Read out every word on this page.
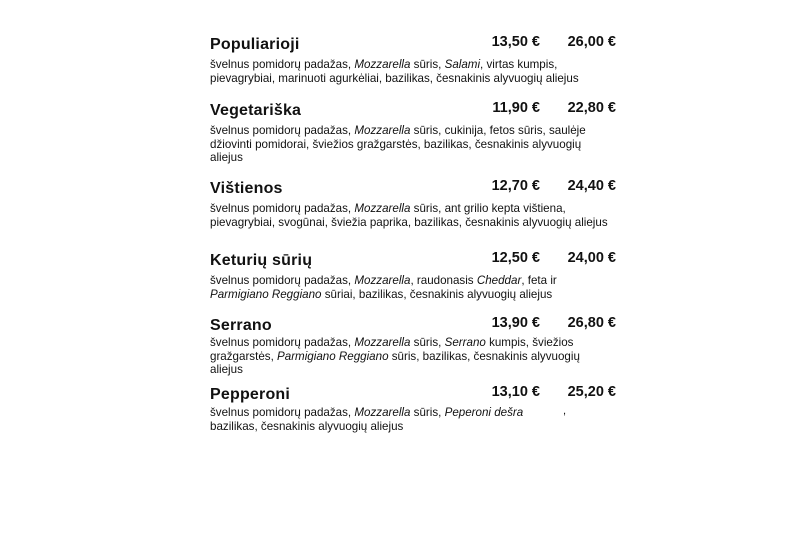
Populiarioji	13,50 €	26,00 €

švelnus pomidorų padažas, Mozzarella sūris, Salami, virtas kumpis, pievagrybiai, marinuoti agurkėliai, bazilikas, česnakinis alyvuogių aliejus

Vegetariška	11,90 €	22,80 €

švelnus pomidorų padažas, Mozzarella sūris, cukinija, fetos sūris, saulėje džiovinti pomidorai, šviežios gražgarstės, bazilikas, česnakinis alyvuogių aliejus

Vištienos	12,70 €	24,40 €

švelnus pomidorų padažas, Mozzarella sūris, ant grilio kepta vištiena, pievagrybiai, svogūnai, šviežia paprika, bazilikas, česnakinis alyvuogių aliejus

Keturių sūrių	12,50 €	24,00 €

švelnus pomidorų padažas, Mozzarella, raudonasis Cheddar, feta ir Parmigiano Reggiano sūriai, bazilikas, česnakinis alyvuogių aliejus

Serrano	13,90 €	26,80 €

švelnus pomidorų padažas, Mozzarella sūris, Serrano kumpis, šviežios gražgarstės, Parmigiano Reggiano sūris, bazilikas, česnakinis alyvuogių aliejus

Pepperoni	13,10 €	25,20 €

švelnus pomidorų padažas, Mozzarella sūris, Peperoni dešra bazilikas, česnakinis alyvuogių aliejus

,
